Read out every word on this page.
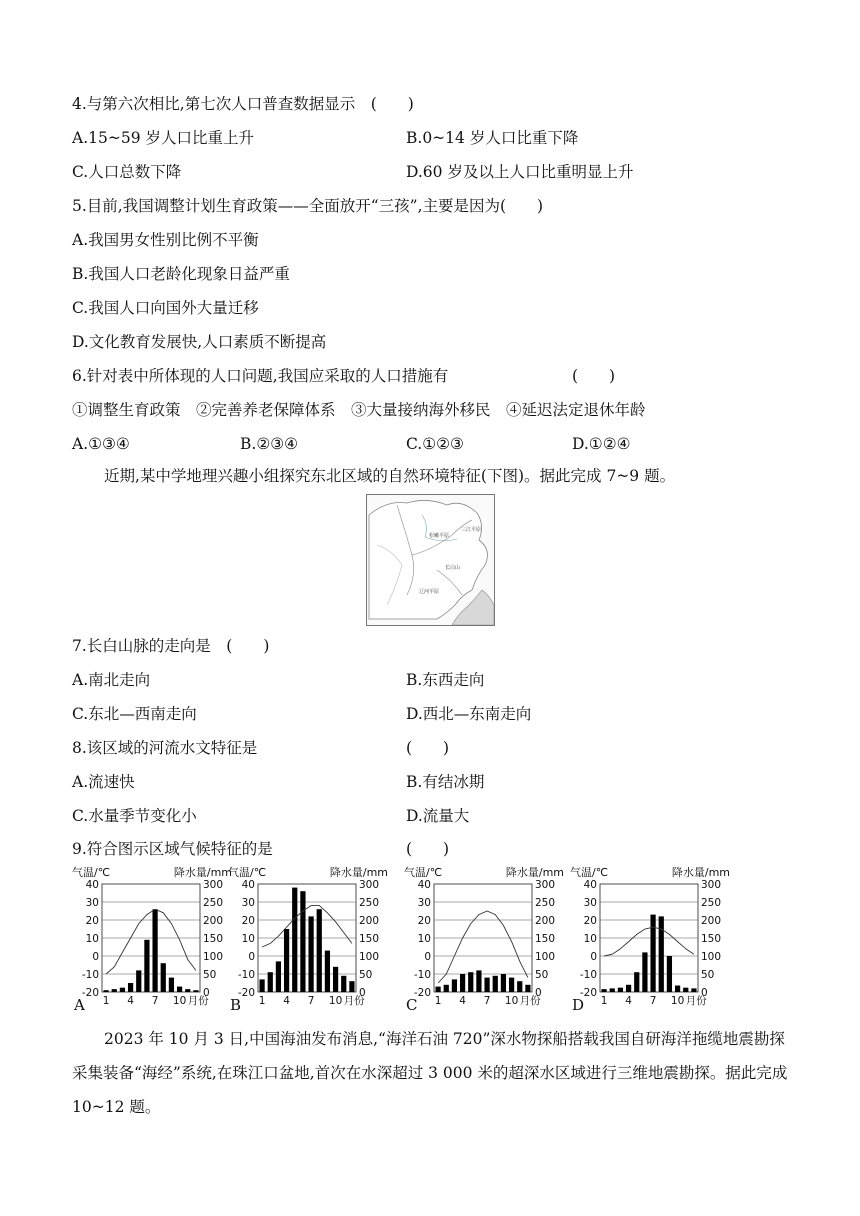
4.与第六次相比,第七次人口普查数据显示　(　　)
A.15~59 岁人口比重上升	B.0~14 岁人口比重下降
C.人口总数下降	D.60 岁及以上人口比重明显上升
5.目前,我国调整计划生育政策——全面放开“三孩”,主要是因为(　　)
A.我国男女性别比例不平衡
B.我国人口老龄化现象日益严重
C.我国人口向国外大量迁移
D.文化教育发展快,人口素质不断提高
6.针对表中所体现的人口问题,我国应采取的人口措施有	(　　)
①调整生育政策　②完善养老保障体系　③大量接纳海外移民　④延迟法定退休年龄
A.①③④	B.②③④	C.①②③	D.①②④
近期,某中学地理兴趣小组探究东北区域的自然环境特征(下图)。据此完成 7~9 题。
松嫩平原
三江平原
长白山
辽河平原
7.长白山脉的走向是　(　　)
A.南北走向	B.东西走向
C.东北—西南走向	D.西北—东南走向
8.该区域的河流水文特征是	(　　)
A.流速快	B.有结冰期
C.水量季节变化小	D.流量大
9.符合图示区域气候特征的是	(　　)
气温/℃	降水量/mm
40	300
30	250
20	200
10	150
0	100
-10	50
-20	0
1 4 7 10 月份
A
气温/℃	降水量/mm
40	300
30	250
20	200
10	150
0	100
-10	50
-20	0
1 4 7 10 月份
B
气温/℃	降水量/mm
40	300
30	250
20	200
10	150
0	100
-10	50
-20	0
1 4 7 10 月份
C
气温/℃	降水量/mm
40	300
30	250
20	200
10	150
0	100
-10	50
-20	0
1 4 7 10 月份
D
2023 年 10 月 3 日,中国海油发布消息,“海洋石油 720”深水物探船搭载我国自研海洋拖缆地震勘探采集装备“海经”系统,在珠江口盆地,首次在水深超过 3 000 米的超深水区域进行三维地震勘探。据此完成 10~12 题。
